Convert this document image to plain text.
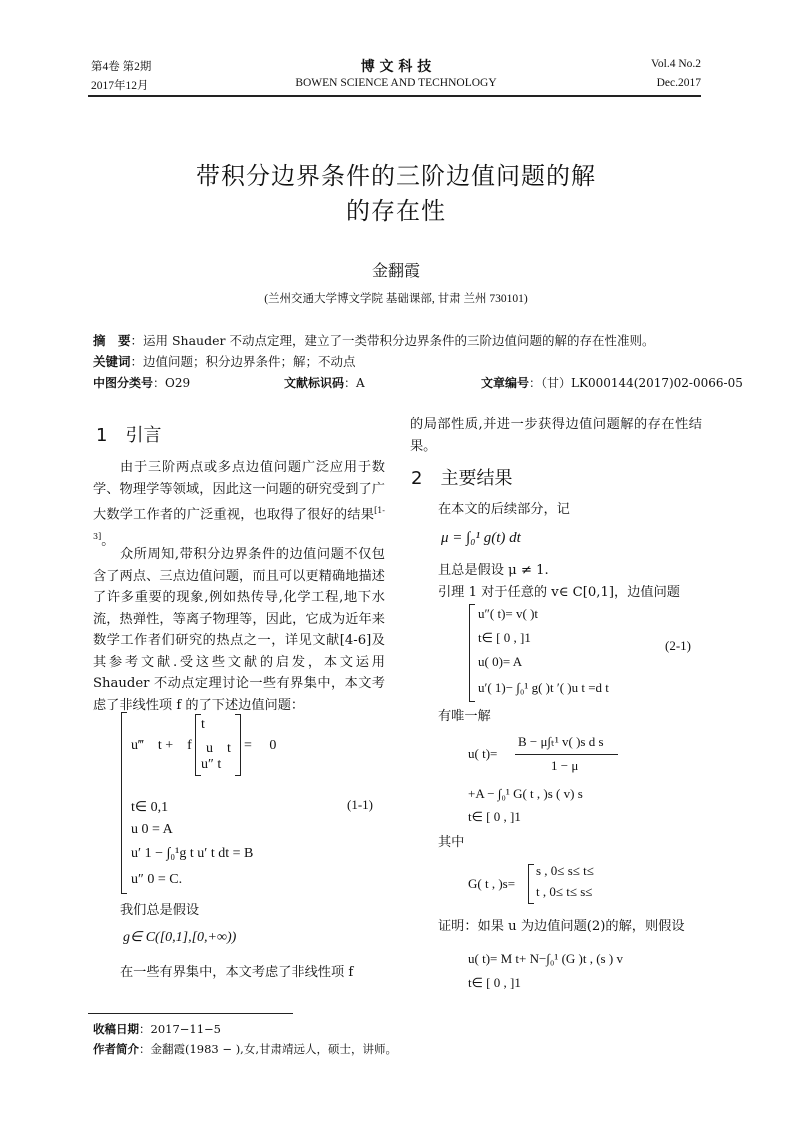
第4卷 第2期	博 文 科 技	Vol.4 No.2
2017年12月	BOWEN SCIENCE AND TECHNOLOGY	Dec.2017
带积分边界条件的三阶边值问题的解
的存在性
金翻霞
(兰州交通大学博文学院 基础课部, 甘肃 兰州 730101)
摘　要：运用 Shauder 不动点定理，建立了一类带积分边界条件的三阶边值问题的解的存在性准则。
关键词：边值问题；积分边界条件；解；不动点
中图分类号：O29	文献标识码：A	文章编号：（甘）LK000144(2017)02-0066-05
1　引言
由于三阶两点或多点边值问题广泛应用于数学、物理学等领域，因此这一问题的研究受到了广大数学工作者的广泛重视，也取得了很好的结果[1-3]。
众所周知,带积分边界条件的边值问题不仅包含了两点、三点边值问题，而且可以更精确地描述了许多重要的现象,例如热传导,化学工程,地下水流，热弹性，等离子物理等，因此，它成为近年来数学工作者们研究的热点之一，详见文献[4-6]及其参考文献.受这些文献的启发，本文运用 Shauder 不动点定理讨论一些有界集中，本文考虑了非线性项 f 的了下述边值问题：
u‴　t +　f
t
u　t
u″ t
=　 0
t∈ 0,1	(1-1)
u 0 = A
u′ 1 − ∫₀¹g t u′ t dt = B
u″ 0 = C.
我们总是假设
g∈ C([0,1],[0,+∞))
在一些有界集中，本文考虑了非线性项 f
的局部性质,并进一步获得边值问题解的存在性结果。
2　主要结果
在本文的后续部分，记
μ = ∫₀¹ g(t) dt
且总是假设 μ ≠ 1.
引理 1 对于任意的 v∈ C[0,1]，边值问题
u″( t)= v( )t
t∈ [ 0 , ]1
(2-1)
u( 0)= A
u′( 1)− ∫₀¹ g( )t ′( )u t =d t
有唯一解
u( t)=
B − μ∫ₜ¹ v( )s d s
1 − μ
+A − ∫₀¹ G( t , )s ( v) s
t∈ [ 0 , ]1
其中
G( t , )s=
s , 0≤ s≤ t≤
t , 0≤ t≤ s≤
证明：如果 u 为边值问题(2)的解，则假设
u( t)= M t+ N−∫₀¹ (G )t , (s ) v
t∈ [ 0 , ]1
收稿日期：2017−11−5
作者简介：金翻霞(1983 − ),女,甘肃靖远人，硕士，讲师。
